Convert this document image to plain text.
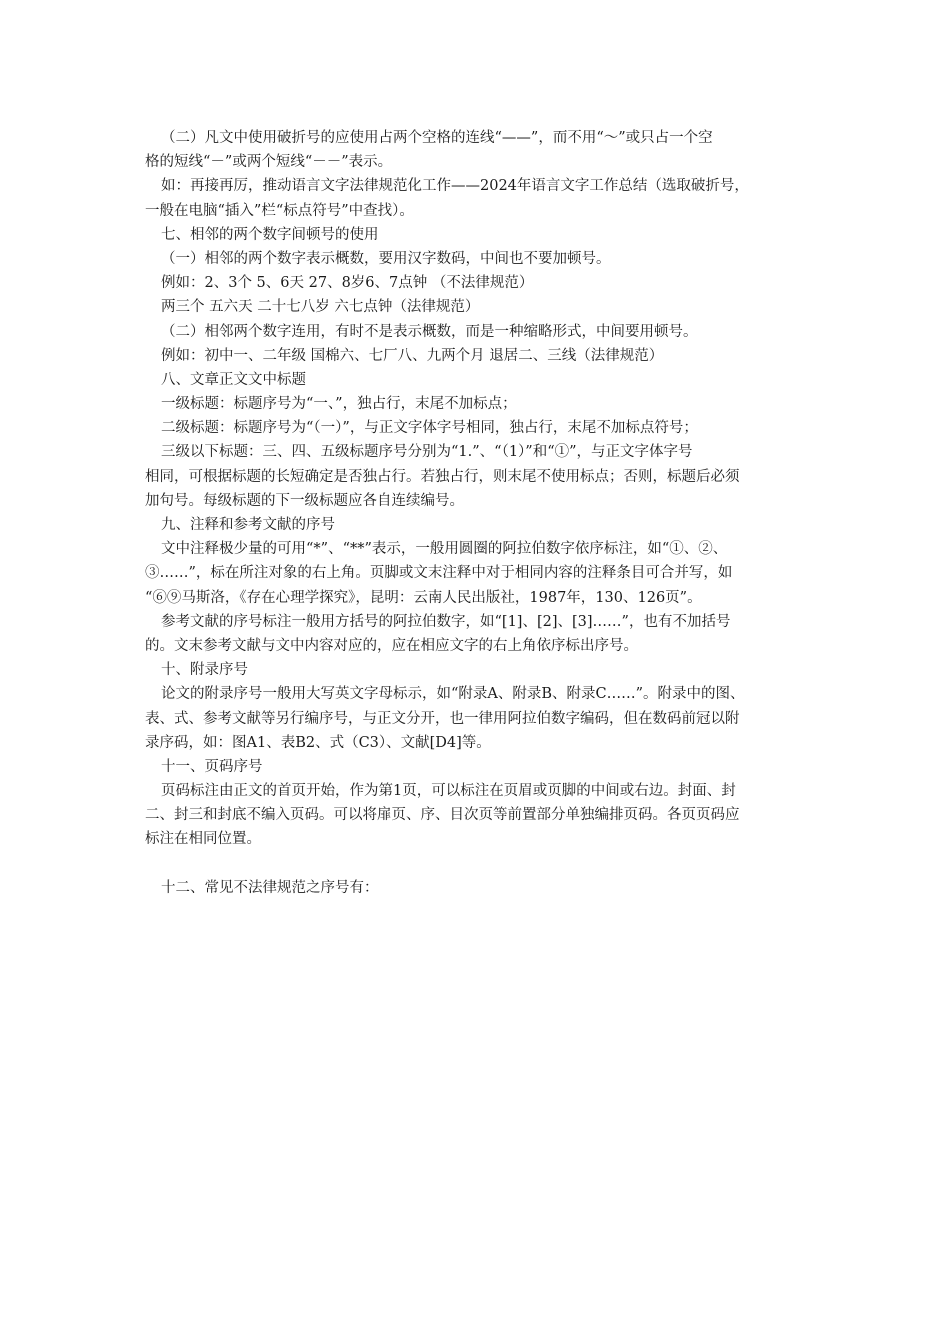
（二）凡文中使用破折号的应使用占两个空格的连线“——”，而不用“～”或只占一个空
格的短线“－”或两个短线“－－”表示。
如：再接再厉，推动语言文字法律规范化工作——2024年语言文字工作总结（选取破折号，
一般在电脑“插入”栏“标点符号”中查找）。
七、相邻的两个数字间顿号的使用
（一）相邻的两个数字表示概数，要用汉字数码，中间也不要加顿号。
例如：2、3个 5、6天 27、8岁6、7点钟 （不法律规范）
两三个 五六天 二十七八岁 六七点钟（法律规范）
（二）相邻两个数字连用，有时不是表示概数，而是一种缩略形式，中间要用顿号。
例如：初中一、二年级 国棉六、七厂八、九两个月 退居二、三线（法律规范）
八、文章正文文中标题
一级标题：标题序号为“一、”，独占行，末尾不加标点；
二级标题：标题序号为“（一）”，与正文字体字号相同，独占行，末尾不加标点符号；
三级以下标题：三、四、五级标题序号分别为“1.”、“（1）”和“①”，与正文字体字号
相同，可根据标题的长短确定是否独占行。若独占行，则末尾不使用标点；否则，标题后必须
加句号。每级标题的下一级标题应各自连续编号。
九、注释和参考文献的序号
文中注释极少量的可用“*”、“**”表示，一般用圆圈的阿拉伯数字依序标注，如“①、②、
③……”，标在所注对象的右上角。页脚或文末注释中对于相同内容的注释条目可合并写，如
“⑥⑨马斯洛，《存在心理学探究》，昆明：云南人民出版社，1987年，130、126页”。
参考文献的序号标注一般用方括号的阿拉伯数字，如“[1]、[2]、[3]……”，也有不加括号
的。文末参考文献与文中内容对应的，应在相应文字的右上角依序标出序号。
十、附录序号
论文的附录序号一般用大写英文字母标示，如“附录A、附录B、附录C……”。附录中的图、
表、式、参考文献等另行编序号，与正文分开，也一律用阿拉伯数字编码，但在数码前冠以附
录序码，如：图A1、表B2、式（C3）、文献[D4]等。
十一、页码序号
页码标注由正文的首页开始，作为第1页，可以标注在页眉或页脚的中间或右边。封面、封
二、封三和封底不编入页码。可以将扉页、序、目次页等前置部分单独编排页码。各页页码应
标注在相同位置。
十二、常见不法律规范之序号有：
